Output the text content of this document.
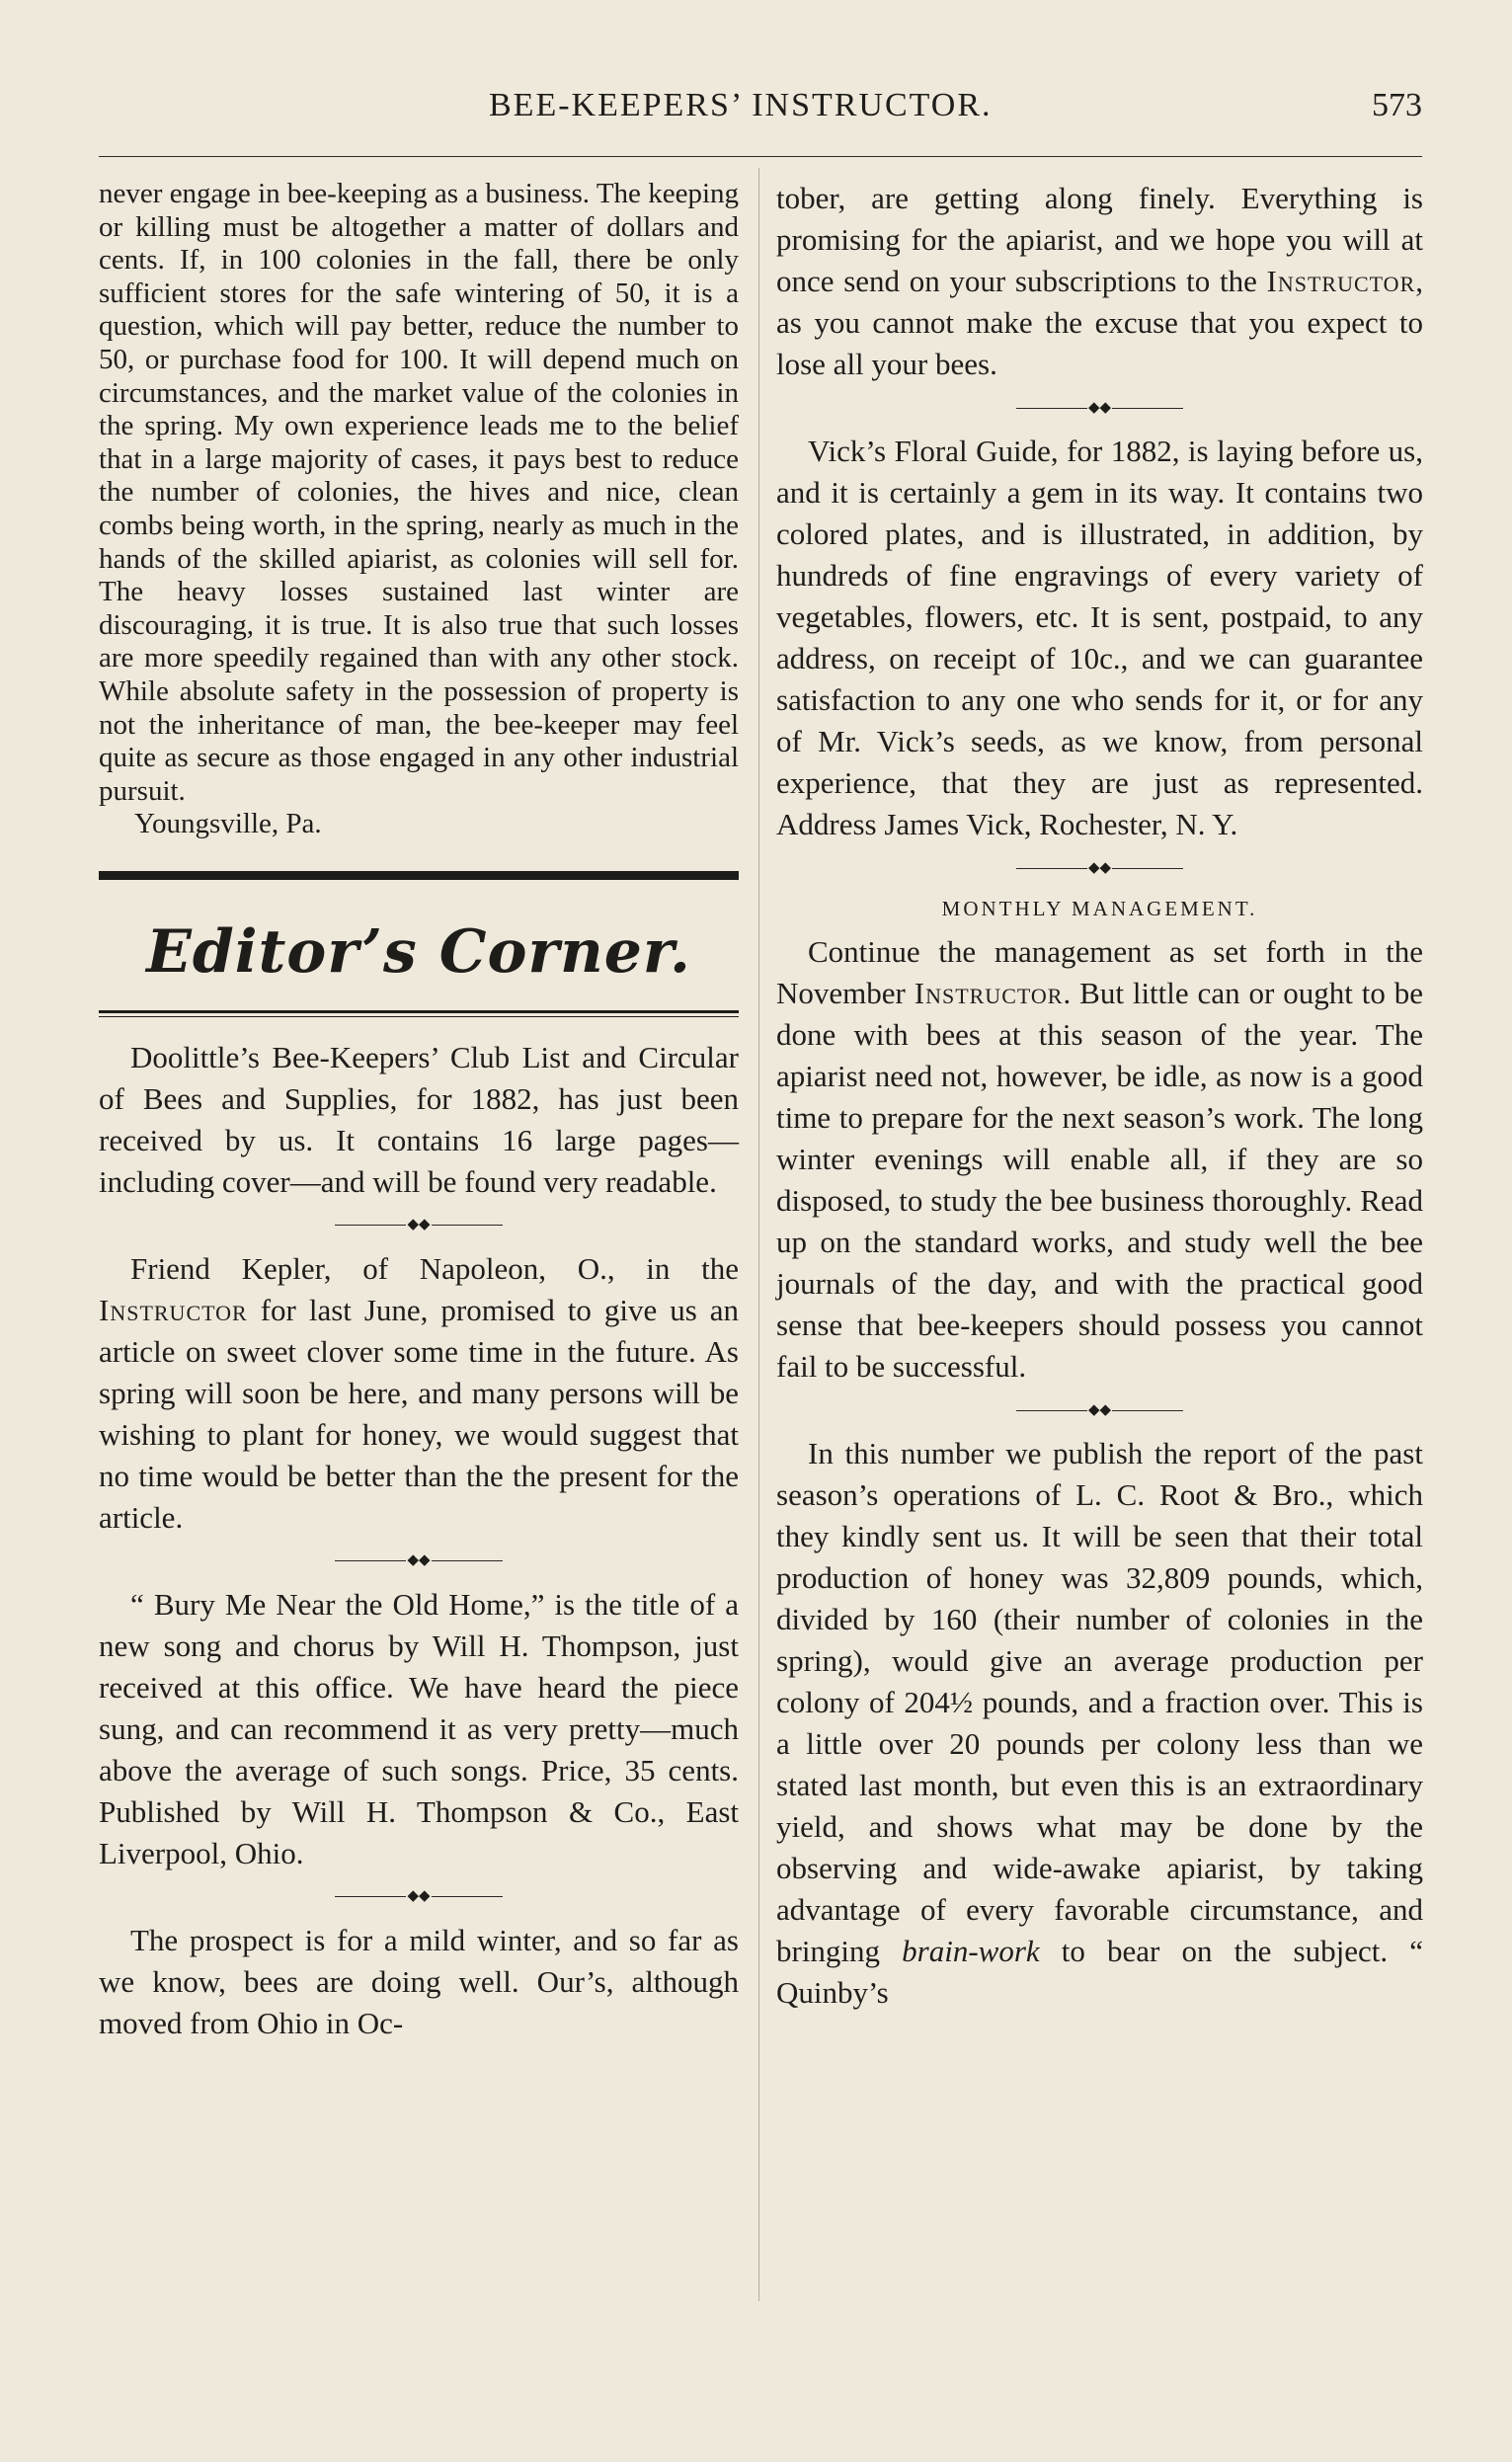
BEE-KEEPERS’ INSTRUCTOR.	573

never engage in bee-keeping as a business. The keeping or killing must be altogether a matter of dollars and cents. If, in 100 colonies in the fall, there be only sufficient stores for the safe wintering of 50, it is a question, which will pay better, reduce the number to 50, or purchase food for 100. It will depend much on circumstances, and the market value of the colonies in the spring. My own experience leads me to the belief that in a large majority of cases, it pays best to reduce the number of colonies, the hives and nice, clean combs being worth, in the spring, nearly as much in the hands of the skilled apiarist, as colonies will sell for. The heavy losses sustained last winter are discouraging, it is true. It is also true that such losses are more speedily regained than with any other stock. While absolute safety in the possession of property is not the inheritance of man, the bee-keeper may feel quite as secure as those engaged in any other industrial pursuit.

Youngsville, Pa.

Editor’s Corner.

Doolittle’s Bee-Keepers’ Club List and Circular of Bees and Supplies, for 1882, has just been received by us. It contains 16 large pages—including cover—and will be found very readable.

◆◆

Friend Kepler, of Napoleon, O., in the Instructor for last June, promised to give us an article on sweet clover some time in the future. As spring will soon be here, and many persons will be wishing to plant for honey, we would suggest that no time would be better than the the present for the article.

◆◆

“ Bury Me Near the Old Home,” is the title of a new song and chorus by Will H. Thompson, just received at this office. We have heard the piece sung, and can recommend it as very pretty—much above the average of such songs. Price, 35 cents. Published by Will H. Thompson & Co., East Liverpool, Ohio.

◆◆

The prospect is for a mild winter, and so far as we know, bees are doing well. Our’s, although moved from Ohio in Oc-

tober, are getting along finely. Everything is promising for the apiarist, and we hope you will at once send on your subscriptions to the Instructor, as you cannot make the excuse that you expect to lose all your bees.

◆◆

Vick’s Floral Guide, for 1882, is laying before us, and it is certainly a gem in its way. It contains two colored plates, and is illustrated, in addition, by hundreds of fine engravings of every variety of vegetables, flowers, etc. It is sent, postpaid, to any address, on receipt of 10c., and we can guarantee satisfaction to any one who sends for it, or for any of Mr. Vick’s seeds, as we know, from personal experience, that they are just as represented. Address James Vick, Rochester, N. Y.

◆◆
MONTHLY MANAGEMENT.

Continue the management as set forth in the November Instructor. But little can or ought to be done with bees at this season of the year. The apiarist need not, however, be idle, as now is a good time to prepare for the next season’s work. The long winter evenings will enable all, if they are so disposed, to study the bee business thoroughly. Read up on the standard works, and study well the bee journals of the day, and with the practical good sense that bee-keepers should possess you cannot fail to be successful.

◆◆

In this number we publish the report of the past season’s operations of L. C. Root & Bro., which they kindly sent us. It will be seen that their total production of honey was 32,809 pounds, which, divided by 160 (their number of colonies in the spring), would give an average production per colony of 204½ pounds, and a fraction over. This is a little over 20 pounds per colony less than we stated last month, but even this is an extraordinary yield, and shows what may be done by the observing and wide-awake apiarist, by taking advantage of every favorable circumstance, and bringing brain-work to bear on the subject. “ Quinby’s
